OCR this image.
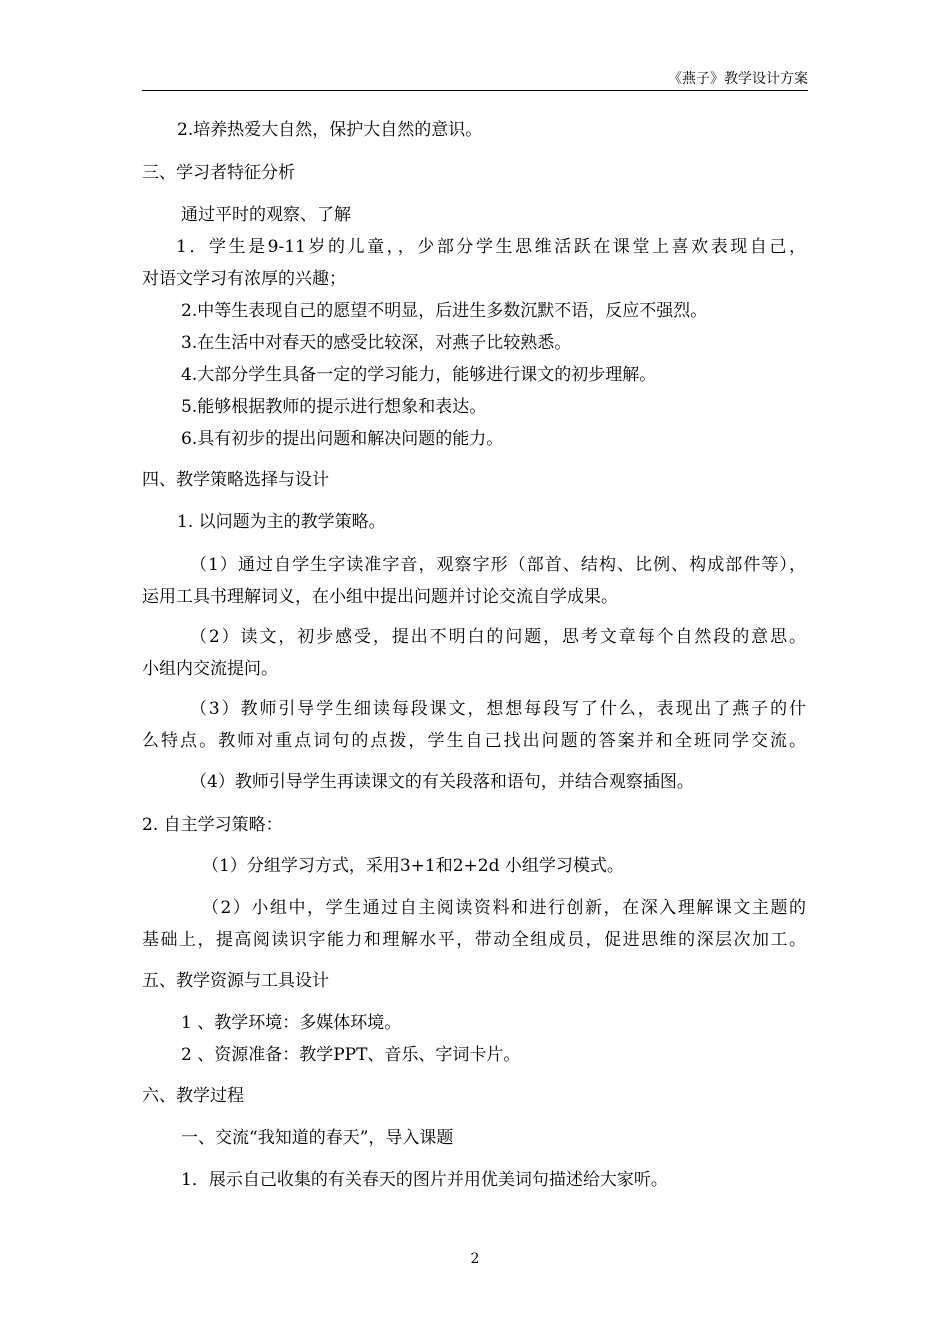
《燕子》教学设计方案
2.培养热爱大自然，保护大自然的意识。
三、学习者特征分析
通过平时的观察、了解
1．学生是9-11岁的儿童，，少部分学生思维活跃在课堂上喜欢表现自己，
对语文学习有浓厚的兴趣；
2.中等生表现自己的愿望不明显，后进生多数沉默不语，反应不强烈。
3.在生活中对春天的感受比较深，对燕子比较熟悉。
4.大部分学生具备一定的学习能力，能够进行课文的初步理解。
5.能够根据教师的提示进行想象和表达。
6.具有初步的提出问题和解决问题的能力。
四、教学策略选择与设计
1. 以问题为主的教学策略。
（1）通过自学生字读准字音，观察字形（部首、结构、比例、构成部件等），
运用工具书理解词义，在小组中提出问题并讨论交流自学成果。
（2）读文，初步感受，提出不明白的问题，思考文章每个自然段的意思。
小组内交流提问。
（3）教师引导学生细读每段课文，想想每段写了什么，表现出了燕子的什
么特点。教师对重点词句的点拨，学生自己找出问题的答案并和全班同学交流。
（4）教师引导学生再读课文的有关段落和语句，并结合观察插图。
2. 自主学习策略：
（1）分组学习方式，采用3+1和2+2d 小组学习模式。
（2）小组中，学生通过自主阅读资料和进行创新，在深入理解课文主题的
基础上，提高阅读识字能力和理解水平，带动全组成员，促进思维的深层次加工。
五、教学资源与工具设计
1 、教学环境：多媒体环境。
2 、资源准备：教学PPT、音乐、字词卡片。
六、教学过程
一、交流“我知道的春天”，导入课题
1．展示自己收集的有关春天的图片并用优美词句描述给大家听。
2
